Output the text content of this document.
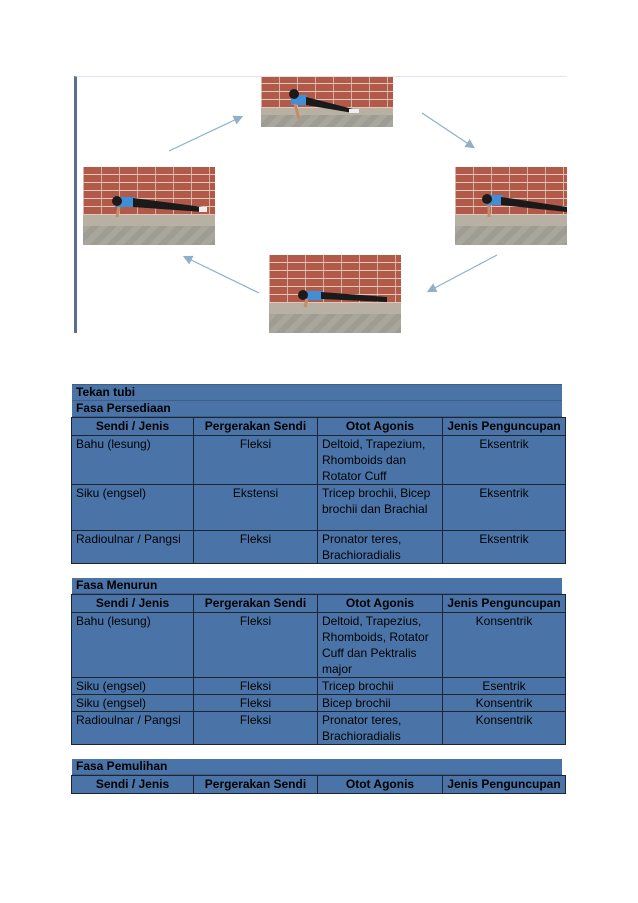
Tekan tubi
Fasa Persediaan
Sendi / Jenis	Pergerakan Sendi	Otot Agonis	Jenis Penguncupan
Bahu (lesung)	Fleksi	Deltoid, Trapezium, Rhomboids dan Rotator Cuff	Eksentrik
Siku (engsel)	Ekstensi	Tricep brochii, Bicep brochii dan Brachial	Eksentrik
Radioulnar / Pangsi	Fleksi	Pronator teres, Brachioradialis	Eksentrik
Fasa Menurun
Sendi / Jenis	Pergerakan Sendi	Otot Agonis	Jenis Penguncupan
Bahu (lesung)	Fleksi	Deltoid, Trapezius, Rhomboids, Rotator Cuff dan Pektralis major	Konsentrik
Siku (engsel)	Fleksi	Tricep brochii	Esentrik
Siku (engsel)	Fleksi	Bicep brochii	Konsentrik
Radioulnar / Pangsi	Fleksi	Pronator teres, Brachioradialis	Konsentrik
Fasa Pemulihan
Sendi / Jenis	Pergerakan Sendi	Otot Agonis	Jenis Penguncupan
